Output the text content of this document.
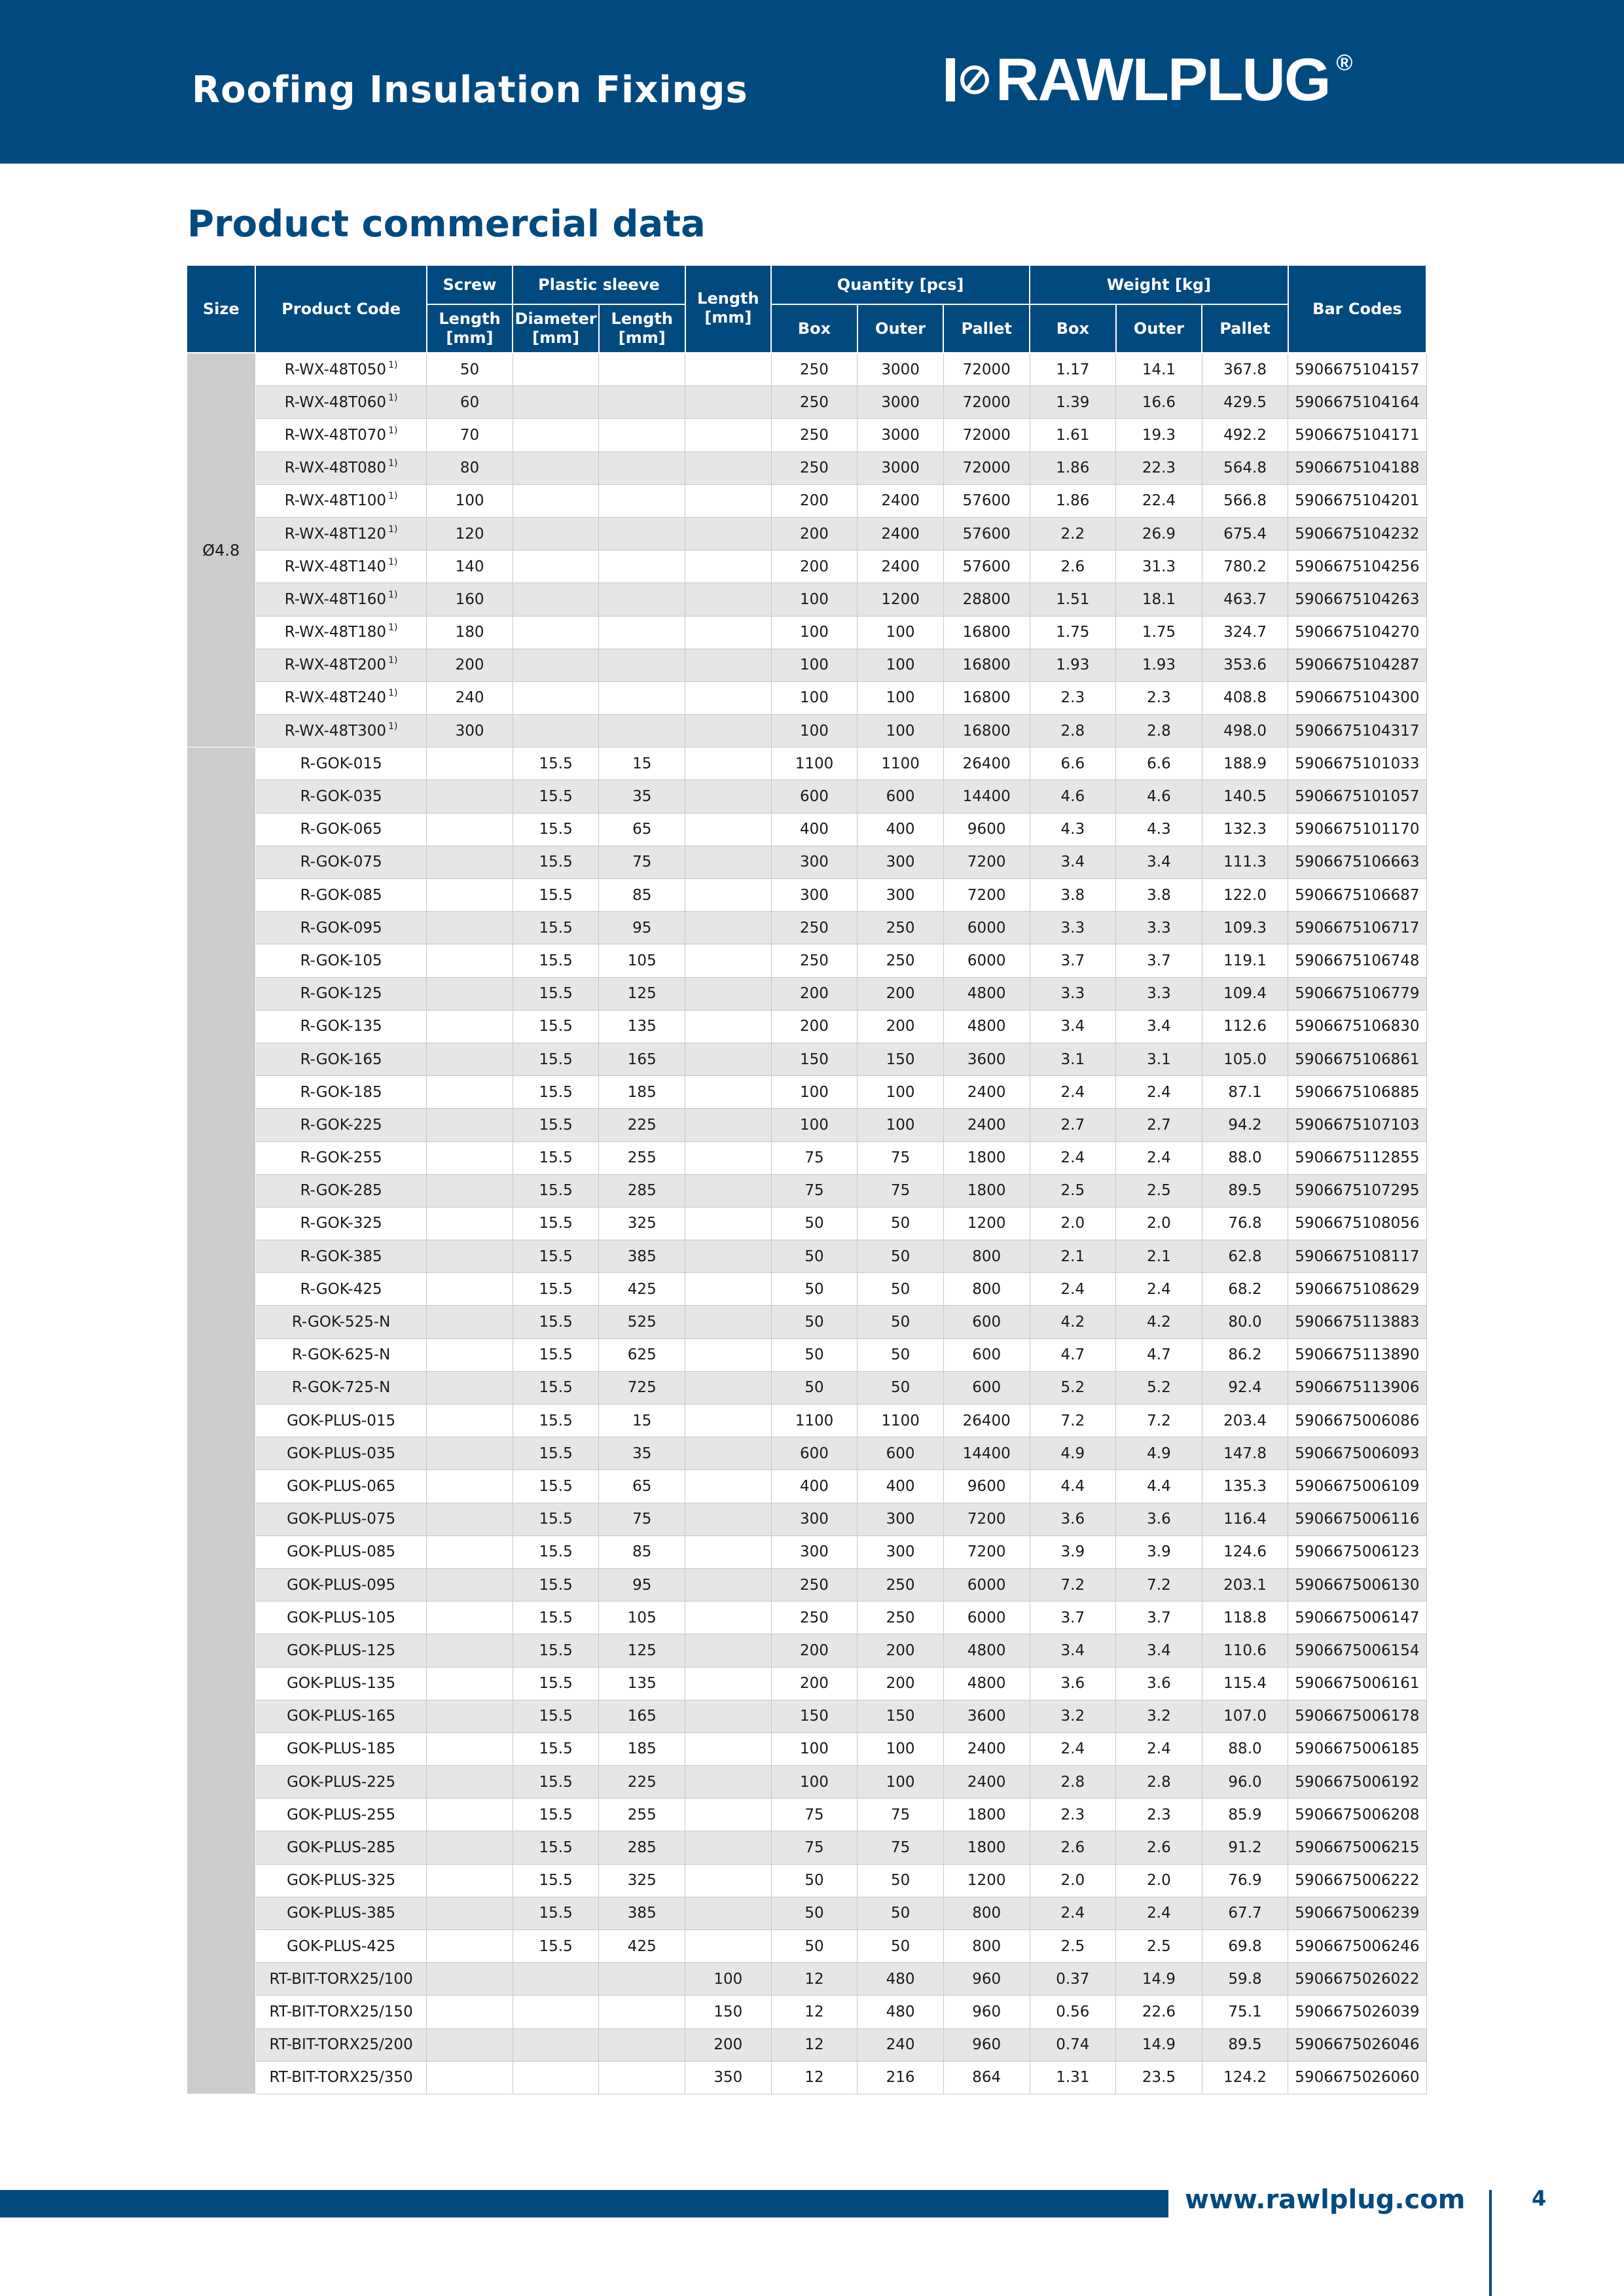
Roofing Insulation Fixings	RAWLPLUG ®
Product commercial data
Size	Product Code	Screw	Plastic sleeve		Length [mm]	Quantity [pcs]			Weight [kg]			Bar Codes
		Length [mm]	Diameter [mm]	Length [mm]		Box	Outer	Pallet	Box	Outer	Pallet	
Ø4.8	R-WX-48T050 $^{1)}$	50				250	3000	72000	1.17	14.1	367.8	5906675104157
	R-WX-48T060 $^{1)}$	60				250	3000	72000	1.39	16.6	429.5	5906675104164
	R-WX-48T070 $^{1)}$	70				250	3000	72000	1.61	19.3	492.2	5906675104171
	R-WX-48T080 $^{1)}$	80				250	3000	72000	1.86	22.3	564.8	5906675104188
	R-WX-48T100 $^{1)}$	100				200	2400	57600	1.86	22.4	566.8	5906675104201
	R-WX-48T120 $^{1)}$	120				200	2400	57600	2.2	26.9	675.4	5906675104232
	R-WX-48T140 $^{1)}$	140				200	2400	57600	2.6	31.3	780.2	5906675104256
	R-WX-48T160 $^{1)}$	160				100	1200	28800	1.51	18.1	463.7	5906675104263
	R-WX-48T180 $^{1)}$	180				100	100	16800	1.75	1.75	324.7	5906675104270
	R-WX-48T200 $^{1)}$	200				100	100	16800	1.93	1.93	353.6	5906675104287
	R-WX-48T240 $^{1)}$	240				100	100	16800	2.3	2.3	408.8	5906675104300
	R-WX-48T300 $^{1)}$	300				100	100	16800	2.8	2.8	498.0	5906675104317
	R-GOK-015		15.5	15		1100	1100	26400	6.6	6.6	188.9	5906675101033
	R-GOK-035		15.5	35		600	600	14400	4.6	4.6	140.5	5906675101057
	R-GOK-065		15.5	65		400	400	9600	4.3	4.3	132.3	5906675101170
	R-GOK-075		15.5	75		300	300	7200	3.4	3.4	111.3	5906675106663
	R-GOK-085		15.5	85		300	300	7200	3.8	3.8	122.0	5906675106687
	R-GOK-095		15.5	95		250	250	6000	3.3	3.3	109.3	5906675106717
	R-GOK-105		15.5	105		250	250	6000	3.7	3.7	119.1	5906675106748
	R-GOK-125		15.5	125		200	200	4800	3.3	3.3	109.4	5906675106779
	R-GOK-135		15.5	135		200	200	4800	3.4	3.4	112.6	5906675106830
	R-GOK-165		15.5	165		150	150	3600	3.1	3.1	105.0	5906675106861
	R-GOK-185		15.5	185		100	100	2400	2.4	2.4	87.1	5906675106885
	R-GOK-225		15.5	225		100	100	2400	2.7	2.7	94.2	5906675107103
	R-GOK-255		15.5	255		75	75	1800	2.4	2.4	88.0	5906675112855
	R-GOK-285		15.5	285		75	75	1800	2.5	2.5	89.5	5906675107295
	R-GOK-325		15.5	325		50	50	1200	2.0	2.0	76.8	5906675108056
	R-GOK-385		15.5	385		50	50	800	2.1	2.1	62.8	5906675108117
	R-GOK-425		15.5	425		50	50	800	2.4	2.4	68.2	5906675108629
	R-GOK-525-N		15.5	525		50	50	600	4.2	4.2	80.0	5906675113883
	R-GOK-625-N		15.5	625		50	50	600	4.7	4.7	86.2	5906675113890
	R-GOK-725-N		15.5	725		50	50	600	5.2	5.2	92.4	5906675113906
	GOK-PLUS-015		15.5	15		1100	1100	26400	7.2	7.2	203.4	5906675006086
	GOK-PLUS-035		15.5	35		600	600	14400	4.9	4.9	147.8	5906675006093
	GOK-PLUS-065		15.5	65		400	400	9600	4.4	4.4	135.3	5906675006109
	GOK-PLUS-075		15.5	75		300	300	7200	3.6	3.6	116.4	5906675006116
	GOK-PLUS-085		15.5	85		300	300	7200	3.9	3.9	124.6	5906675006123
	GOK-PLUS-095		15.5	95		250	250	6000	7.2	7.2	203.1	5906675006130
	GOK-PLUS-105		15.5	105		250	250	6000	3.7	3.7	118.8	5906675006147
	GOK-PLUS-125		15.5	125		200	200	4800	3.4	3.4	110.6	5906675006154
	GOK-PLUS-135		15.5	135		200	200	4800	3.6	3.6	115.4	5906675006161
	GOK-PLUS-165		15.5	165		150	150	3600	3.2	3.2	107.0	5906675006178
	GOK-PLUS-185		15.5	185		100	100	2400	2.4	2.4	88.0	5906675006185
	GOK-PLUS-225		15.5	225		100	100	2400	2.8	2.8	96.0	5906675006192
	GOK-PLUS-255		15.5	255		75	75	1800	2.3	2.3	85.9	5906675006208
	GOK-PLUS-285		15.5	285		75	75	1800	2.6	2.6	91.2	5906675006215
	GOK-PLUS-325		15.5	325		50	50	1200	2.0	2.0	76.9	5906675006222
	GOK-PLUS-385		15.5	385		50	50	800	2.4	2.4	67.7	5906675006239
	GOK-PLUS-425		15.5	425		50	50	800	2.5	2.5	69.8	5906675006246
	RT-BIT-TORX25/100				100	12	480	960	0.37	14.9	59.8	5906675026022
	RT-BIT-TORX25/150				150	12	480	960	0.56	22.6	75.1	5906675026039
	RT-BIT-TORX25/200				200	12	240	960	0.74	14.9	89.5	5906675026046
	RT-BIT-TORX25/350				350	12	216	864	1.31	23.5	124.2	5906675026060
www.rawlplug.com	4
